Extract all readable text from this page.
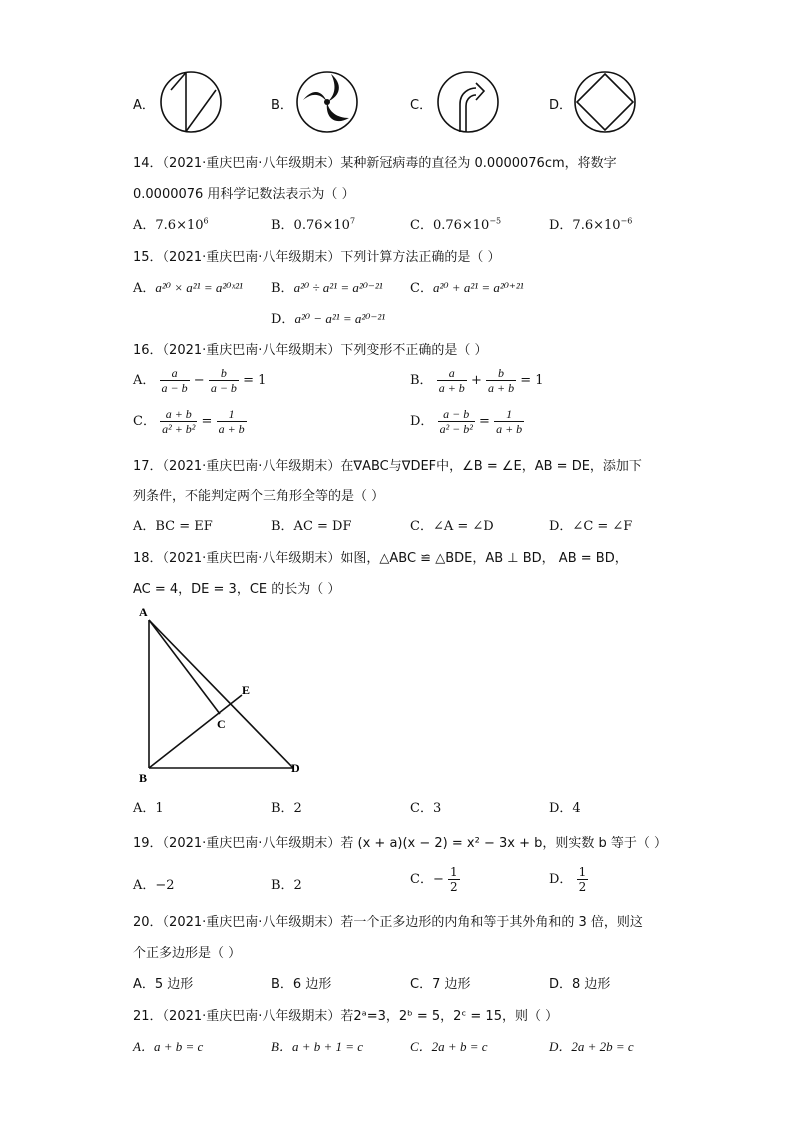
A．	B．	C．	D．
14．（2021·重庆巴南·八年级期末）某种新冠病毒的直径为 0.0000076cm，将数字
0.0000076 用科学记数法表示为（ ）
A．$7.6\times 10^6$	B．$0.76\times 10^7$	C．$0.76\times 10^{-5}$	D．$7.6\times 10^{-6}$
15．（2021·重庆巴南·八年级期末）下列计算方法正确的是（ ）
A．a²⁰ × a²¹ = a²⁰ˣ²¹ B．a²⁰ ÷ a²¹ = a²⁰⁻²¹ C．a²⁰ + a²¹ = a²⁰⁺²¹
D．a²⁰ − a²¹ = a²⁰⁻²¹
16．（2021·重庆巴南·八年级期末）下列变形不正确的是（ ）
A． $\frac{a}{a - b} - \frac{b}{a - b} = 1$	B． $\frac{a}{a + b} + \frac{b}{a + b} = 1$
C． $\frac{a + b}{\text{a² + b²}} = \frac{1}{a + b}$	D． $\frac{a - b}{\text{a² − b²}} = \frac{1}{a + b}$
17．（2021·重庆巴南·八年级期末）在∇ABC与∇DEF中，∠B = ∠E，AB = DE，添加下
列条件，不能判定两个三角形全等的是（ ）
A．BC = EF	B．AC = DF	C．∠A = ∠D	D．∠C = ∠F
18．（2021·重庆巴南·八年级期末）如图，△ABC ≌ △BDE，AB ⊥ BD， AB = BD，
AC = 4，DE = 3，CE 的长为（ ）
A
B
C
D
E
A．1	B．2	C．3	D．4
19．（2021·重庆巴南·八年级期末）若 (x + a)(x − 2) = x² − 3x + b，则实数 b 等于（ ）
A．−2	B．2	C．− $\frac{1}{2}$	D． $\frac{1}{2}$
20．（2021·重庆巴南·八年级期末）若一个正多边形的内角和等于其外角和的 3 倍，则这
个正多边形是（ ）
A．5 边形	B．6 边形	C．7 边形	D．8 边形
21．（2021·重庆巴南·八年级期末）若2ᵃ=3，2ᵇ = 5，2ᶜ = 15，则（ ）
A．a + b = c	B．a + b + 1 = c	C．2a + b = c	D．2a + 2b = c
